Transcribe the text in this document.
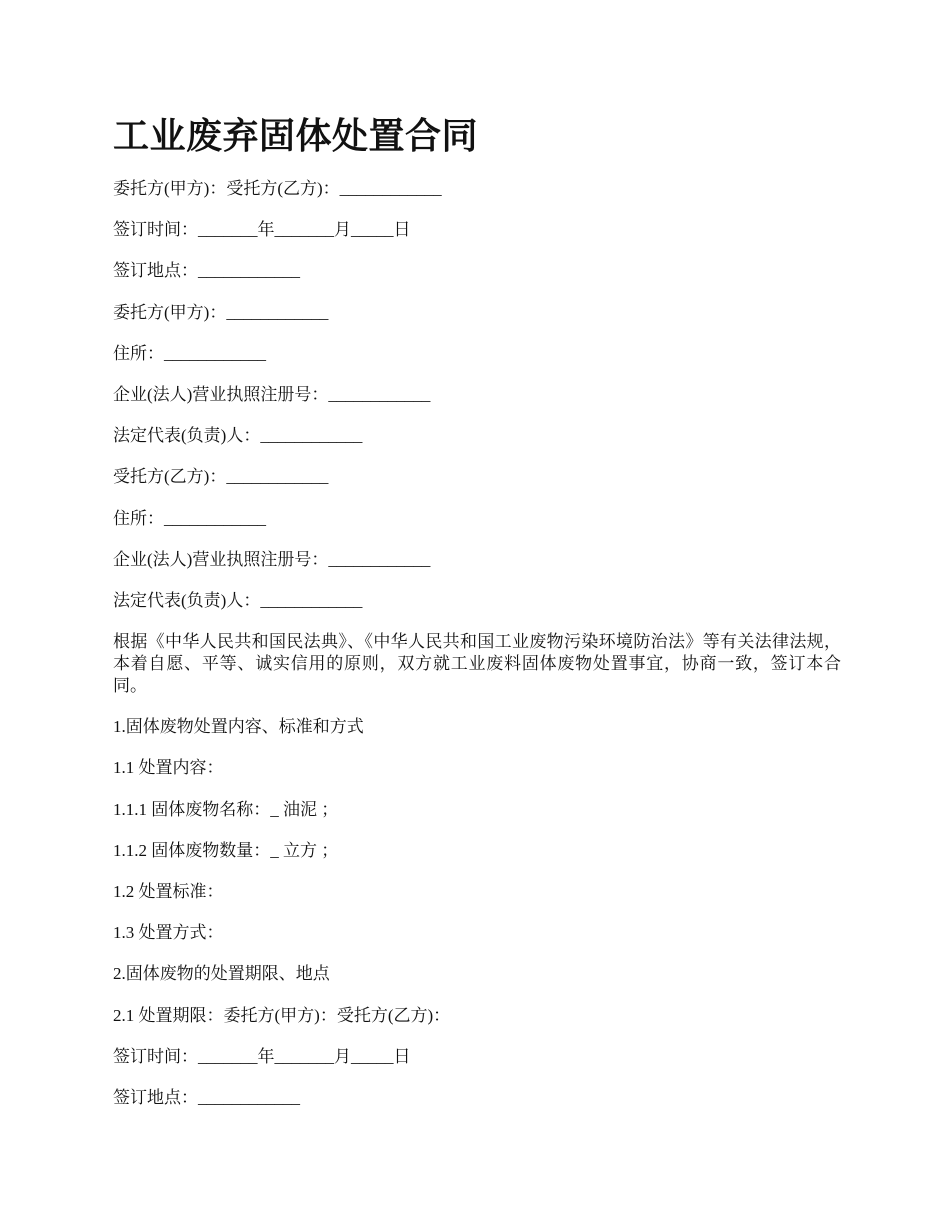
工业废弃固体处置合同

委托方(甲方)：受托方(乙方)：____________

签订时间：_______年_______月_____日

签订地点：____________

委托方(甲方)：____________

住所：____________

企业(法人)营业执照注册号：____________

法定代表(负责)人：____________

受托方(乙方)：____________

住所：____________

企业(法人)营业执照注册号：____________

法定代表(负责)人：____________

根据《中华人民共和国民法典》、《中华人民共和国工业废物污染环境防治法》等有关法律法规，本着自愿、平等、诚实信用的原则，双方就工业废料固体废物处置事宜，协商一致，签订本合同。

1.固体废物处置内容、标准和方式

1.1 处置内容：

1.1.1 固体废物名称：_ 油泥 ；

1.1.2 固体废物数量：_ 立方 ；

1.2 处置标准：

1.3 处置方式：

2.固体废物的处置期限、地点

2.1 处置期限：委托方(甲方)：受托方(乙方)：

签订时间：_______年_______月_____日

签订地点：____________
